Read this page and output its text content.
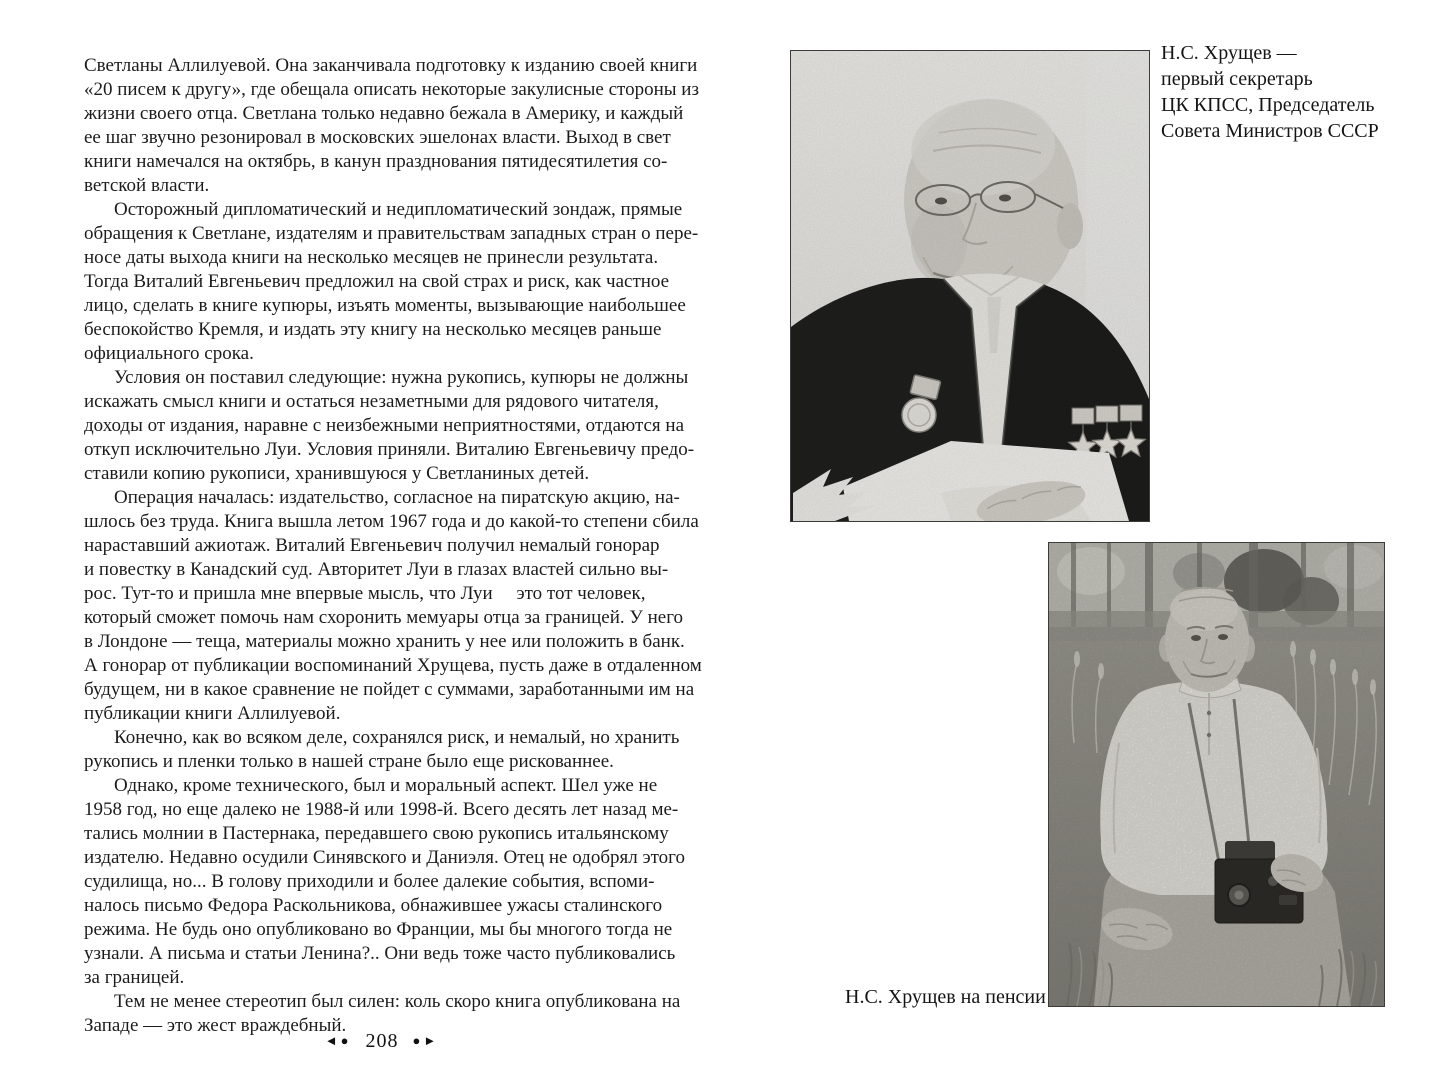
Светланы Аллилуевой. Она заканчивала подготовку к изданию своей книги
«20 писем к другу», где обещала описать некоторые закулисные стороны из
жизни своего отца. Светлана только недавно бежала в Америку, и каждый
ее шаг звучно резонировал в московских эшелонах власти. Выход в свет
книги намечался на октябрь, в канун празднования пятидесятилетия со-
ветской власти.
Осторожный дипломатический и недипломатический зондаж, прямые
обращения к Светлане, издателям и правительствам западных стран о пере-
носе даты выхода книги на несколько месяцев не принесли результата.
Тогда Виталий Евгеньевич предложил на свой страх и риск, как частное
лицо, сделать в книге купюры, изъять моменты, вызывающие наибольшее
беспокойство Кремля, и издать эту книгу на несколько месяцев раньше
официального срока.
Условия он поставил следующие: нужна рукопись, купюры не должны
искажать смысл книги и остаться незаметными для рядового читателя,
доходы от издания, наравне с неизбежными неприятностями, отдаются на
откуп исключительно Луи. Условия приняли. Виталию Евгеньевичу предо-
ставили копию рукописи, хранившуюся у Светланиных детей.
Операция началась: издательство, согласное на пиратскую акцию, на-
шлось без труда. Книга вышла летом 1967 года и до какой-то степени сбила
нараставший ажиотаж. Виталий Евгеньевич получил немалый гонорар
и повестку в Канадский суд. Авторитет Луи в глазах властей сильно вы-
рос. Тут-то и пришла мне впервые мысль, что Луи     это тот человек,
который сможет помочь нам схоронить мемуары отца за границей. У него
в Лондоне — теща, материалы можно хранить у нее или положить в банк.
А гонорар от публикации воспоминаний Хрущева, пусть даже в отдаленном
будущем, ни в какое сравнение не пойдет с суммами, заработанными им на
публикации книги Аллилуевой.
Конечно, как во всяком деле, сохранялся риск, и немалый, но хранить
рукопись и пленки только в нашей стране было еще рискованнее.
Однако, кроме технического, был и моральный аспект. Шел уже не
1958 год, но еще далеко не 1988-й или 1998-й. Всего десять лет назад ме-
тались молнии в Пастернака, передавшего свою рукопись итальянскому
издателю. Недавно осудили Синявского и Даниэля. Отец не одобрял этого
судилища, но... В голову приходили и более далекие события, вспоми-
налось письмо Федора Раскольникова, обнажившее ужасы сталинского
режима. Не будь оно опубликовано во Франции, мы бы многого тогда не
узнали. А письма и статьи Ленина?.. Они ведь тоже часто публиковались
за границей.
Тем не менее стереотип был силен: коль скоро книга опубликована на
Западе — это жест враждебный.
◄● 208 ●►
Н.С. Хрущев —
первый секретарь
ЦК КПСС, Председатель
Совета Министров СССР
Н.С. Хрущев на пенсии
